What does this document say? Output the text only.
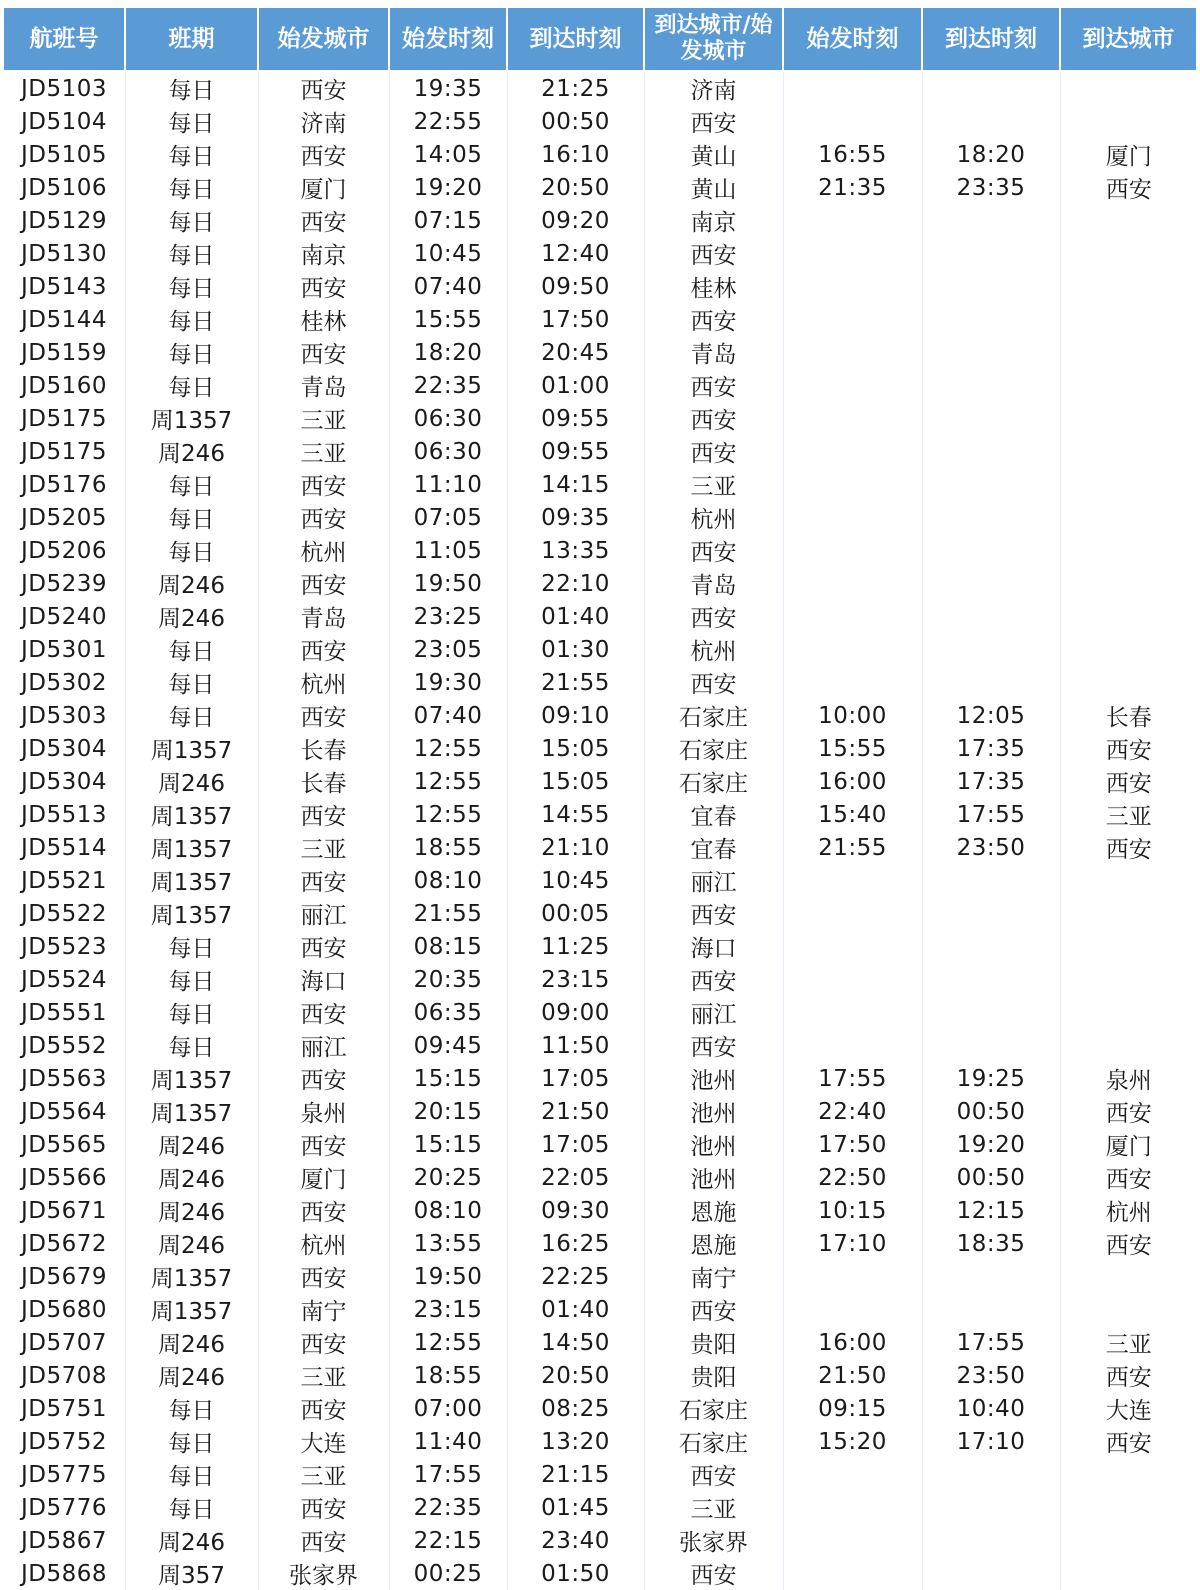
航班号	班期	始发城市	始发时刻	到达时刻	到达城市/始发城市	始发时刻	到达时刻	到达城市
JD5103	每日	西安	19:35	21:25	济南			
JD5104	每日	济南	22:55	00:50	西安			
JD5105	每日	西安	14:05	16:10	黄山	16:55	18:20	厦门
JD5106	每日	厦门	19:20	20:50	黄山	21:35	23:35	西安
JD5129	每日	西安	07:15	09:20	南京			
JD5130	每日	南京	10:45	12:40	西安			
JD5143	每日	西安	07:40	09:50	桂林			
JD5144	每日	桂林	15:55	17:50	西安			
JD5159	每日	西安	18:20	20:45	青岛			
JD5160	每日	青岛	22:35	01:00	西安			
JD5175	周1357	三亚	06:30	09:55	西安			
JD5175	周246	三亚	06:30	09:55	西安			
JD5176	每日	西安	11:10	14:15	三亚			
JD5205	每日	西安	07:05	09:35	杭州			
JD5206	每日	杭州	11:05	13:35	西安			
JD5239	周246	西安	19:50	22:10	青岛			
JD5240	周246	青岛	23:25	01:40	西安			
JD5301	每日	西安	23:05	01:30	杭州			
JD5302	每日	杭州	19:30	21:55	西安			
JD5303	每日	西安	07:40	09:10	石家庄	10:00	12:05	长春
JD5304	周1357	长春	12:55	15:05	石家庄	15:55	17:35	西安
JD5304	周246	长春	12:55	15:05	石家庄	16:00	17:35	西安
JD5513	周1357	西安	12:55	14:55	宜春	15:40	17:55	三亚
JD5514	周1357	三亚	18:55	21:10	宜春	21:55	23:50	西安
JD5521	周1357	西安	08:10	10:45	丽江			
JD5522	周1357	丽江	21:55	00:05	西安			
JD5523	每日	西安	08:15	11:25	海口			
JD5524	每日	海口	20:35	23:15	西安			
JD5551	每日	西安	06:35	09:00	丽江			
JD5552	每日	丽江	09:45	11:50	西安			
JD5563	周1357	西安	15:15	17:05	池州	17:55	19:25	泉州
JD5564	周1357	泉州	20:15	21:50	池州	22:40	00:50	西安
JD5565	周246	西安	15:15	17:05	池州	17:50	19:20	厦门
JD5566	周246	厦门	20:25	22:05	池州	22:50	00:50	西安
JD5671	周246	西安	08:10	09:30	恩施	10:15	12:15	杭州
JD5672	周246	杭州	13:55	16:25	恩施	17:10	18:35	西安
JD5679	周1357	西安	19:50	22:25	南宁			
JD5680	周1357	南宁	23:15	01:40	西安			
JD5707	周246	西安	12:55	14:50	贵阳	16:00	17:55	三亚
JD5708	周246	三亚	18:55	20:50	贵阳	21:50	23:50	西安
JD5751	每日	西安	07:00	08:25	石家庄	09:15	10:40	大连
JD5752	每日	大连	11:40	13:20	石家庄	15:20	17:10	西安
JD5775	每日	三亚	17:55	21:15	西安			
JD5776	每日	西安	22:35	01:45	三亚			
JD5867	周246	西安	22:15	23:40	张家界			
JD5868	周357	张家界	00:25	01:50	西安			
